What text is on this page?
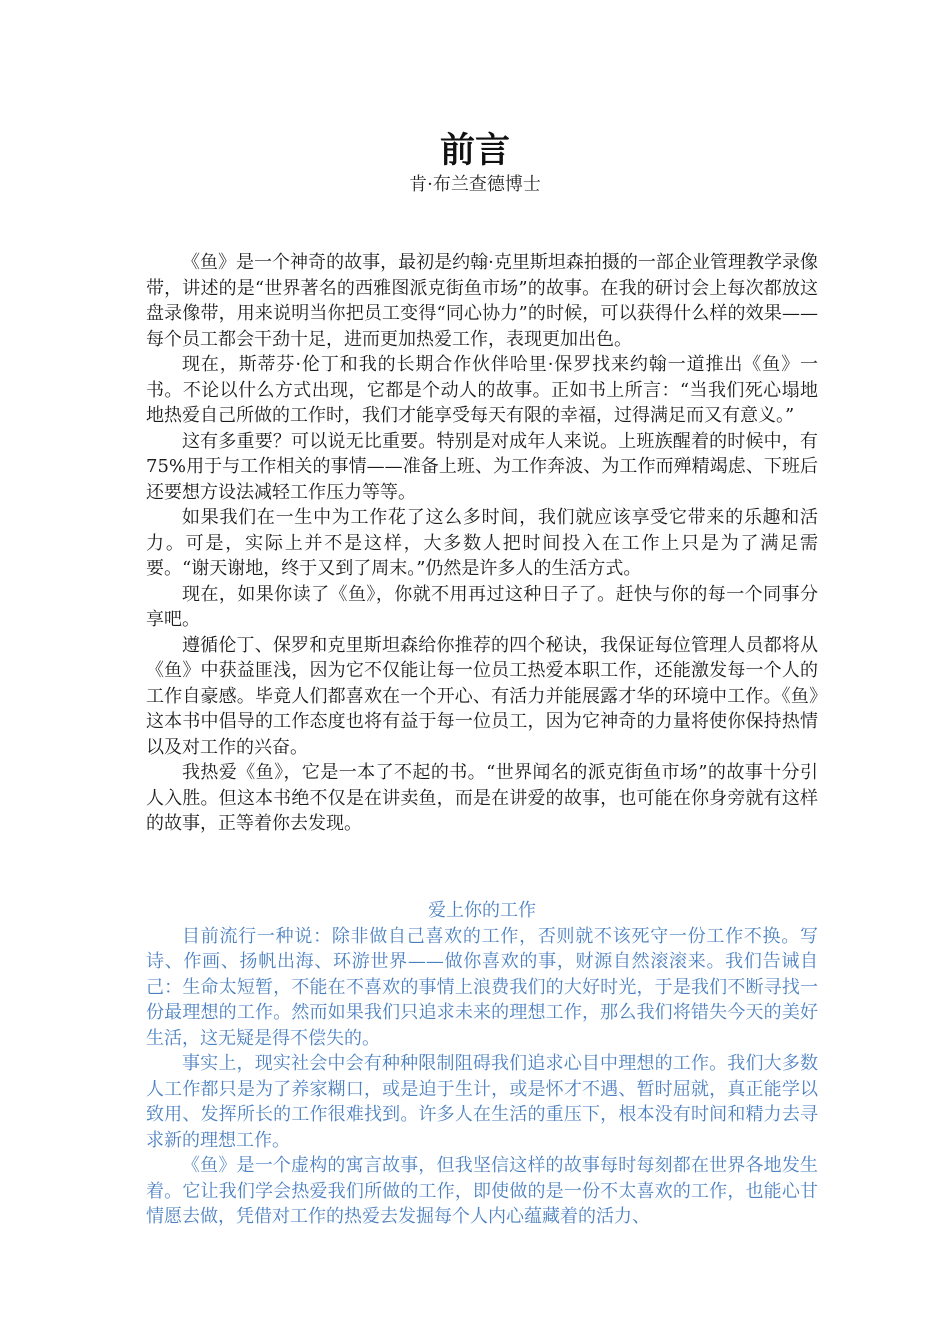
前言
肯·布兰查德博士

《鱼》是一个神奇的故事，最初是约翰·克里斯坦森拍摄的一部企业管理教学录像带，讲述的是“世界著名的西雅图派克街鱼市场”的故事。在我的研讨会上每次都放这盘录像带，用来说明当你把员工变得“同心协力”的时候，可以获得什么样的效果——每个员工都会干劲十足，进而更加热爱工作，表现更加出色。

现在，斯蒂芬·伦丁和我的长期合作伙伴哈里·保罗找来约翰一道推出《鱼》一书。不论以什么方式出现，它都是个动人的故事。正如书上所言：“当我们死心塌地地热爱自己所做的工作时，我们才能享受每天有限的幸福，过得满足而又有意义。”

这有多重要？可以说无比重要。特别是对成年人来说。上班族醒着的时候中，有75%用于与工作相关的事情——准备上班、为工作奔波、为工作而殚精竭虑、下班后还要想方设法减轻工作压力等等。

如果我们在一生中为工作花了这么多时间，我们就应该享受它带来的乐趣和活力。可是，实际上并不是这样，大多数人把时间投入在工作上只是为了满足需要。“谢天谢地，终于又到了周末。”仍然是许多人的生活方式。

现在，如果你读了《鱼》，你就不用再过这种日子了。赶快与你的每一个同事分享吧。

遵循伦丁、保罗和克里斯坦森给你推荐的四个秘诀，我保证每位管理人员都将从《鱼》中获益匪浅，因为它不仅能让每一位员工热爱本职工作，还能激发每一个人的工作自豪感。毕竟人们都喜欢在一个开心、有活力并能展露才华的环境中工作。《鱼》这本书中倡导的工作态度也将有益于每一位员工，因为它神奇的力量将使你保持热情以及对工作的兴奋。

我热爱《鱼》，它是一本了不起的书。“世界闻名的派克街鱼市场”的故事十分引人入胜。但这本书绝不仅是在讲卖鱼，而是在讲爱的故事，也可能在你身旁就有这样的故事，正等着你去发现。

爱上你的工作

目前流行一种说：除非做自己喜欢的工作，否则就不该死守一份工作不换。写诗、作画、扬帆出海、环游世界——做你喜欢的事，财源自然滚滚来。我们告诫自己：生命太短暂，不能在不喜欢的事情上浪费我们的大好时光，于是我们不断寻找一份最理想的工作。然而如果我们只追求未来的理想工作，那么我们将错失今天的美好生活，这无疑是得不偿失的。

事实上，现实社会中会有种种限制阻碍我们追求心目中理想的工作。我们大多数人工作都只是为了养家糊口，或是迫于生计，或是怀才不遇、暂时屈就，真正能学以致用、发挥所长的工作很难找到。许多人在生活的重压下，根本没有时间和精力去寻求新的理想工作。

《鱼》是一个虚构的寓言故事，但我坚信这样的故事每时每刻都在世界各地发生着。它让我们学会热爱我们所做的工作，即使做的是一份不太喜欢的工作，也能心甘情愿去做，凭借对工作的热爱去发掘每个人内心蕴藏着的活力、
